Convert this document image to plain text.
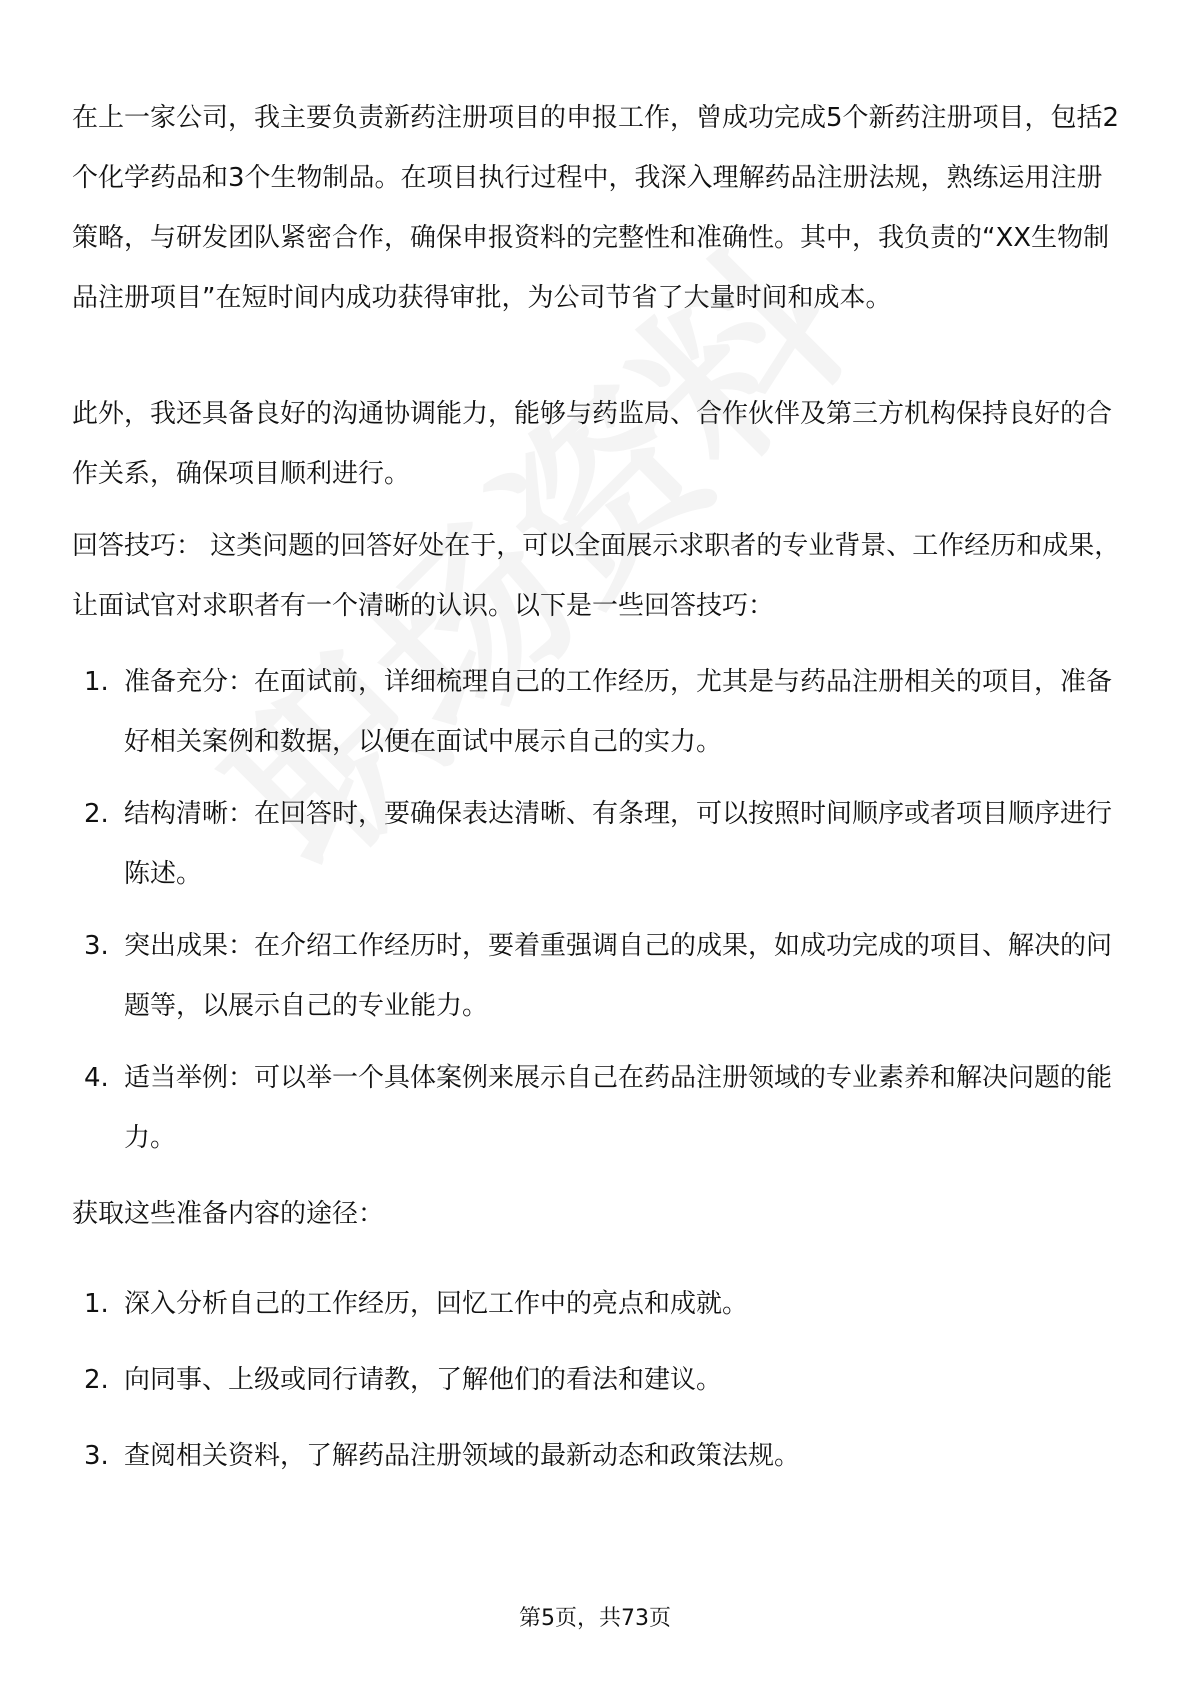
在上一家公司，我主要负责新药注册项目的申报工作，曾成功完成5个新药注册项目，包括2个化学药品和3个生物制品。在项目执行过程中，我深入理解药品注册法规，熟练运用注册策略，与研发团队紧密合作，确保申报资料的完整性和准确性。其中，我负责的“XX生物制品注册项目”在短时间内成功获得审批，为公司节省了大量时间和成本。

此外，我还具备良好的沟通协调能力，能够与药监局、合作伙伴及第三方机构保持良好的合作关系，确保项目顺利进行。

回答技巧： 这类问题的回答好处在于，可以全面展示求职者的专业背景、工作经历和成果，让面试官对求职者有一个清晰的认识。以下是一些回答技巧：

1. 准备充分：在面试前，详细梳理自己的工作经历，尤其是与药品注册相关的项目，准备好相关案例和数据，以便在面试中展示自己的实力。
2. 结构清晰：在回答时，要确保表达清晰、有条理，可以按照时间顺序或者项目顺序进行陈述。
3. 突出成果：在介绍工作经历时，要着重强调自己的成果，如成功完成的项目、解决的问题等，以展示自己的专业能力。
4. 适当举例：可以举一个具体案例来展示自己在药品注册领域的专业素养和解决问题的能力。

获取这些准备内容的途径：

1. 深入分析自己的工作经历，回忆工作中的亮点和成就。
2. 向同事、上级或同行请教，了解他们的看法和建议。
3. 查阅相关资料，了解药品注册领域的最新动态和政策法规。
第5页，共73页
